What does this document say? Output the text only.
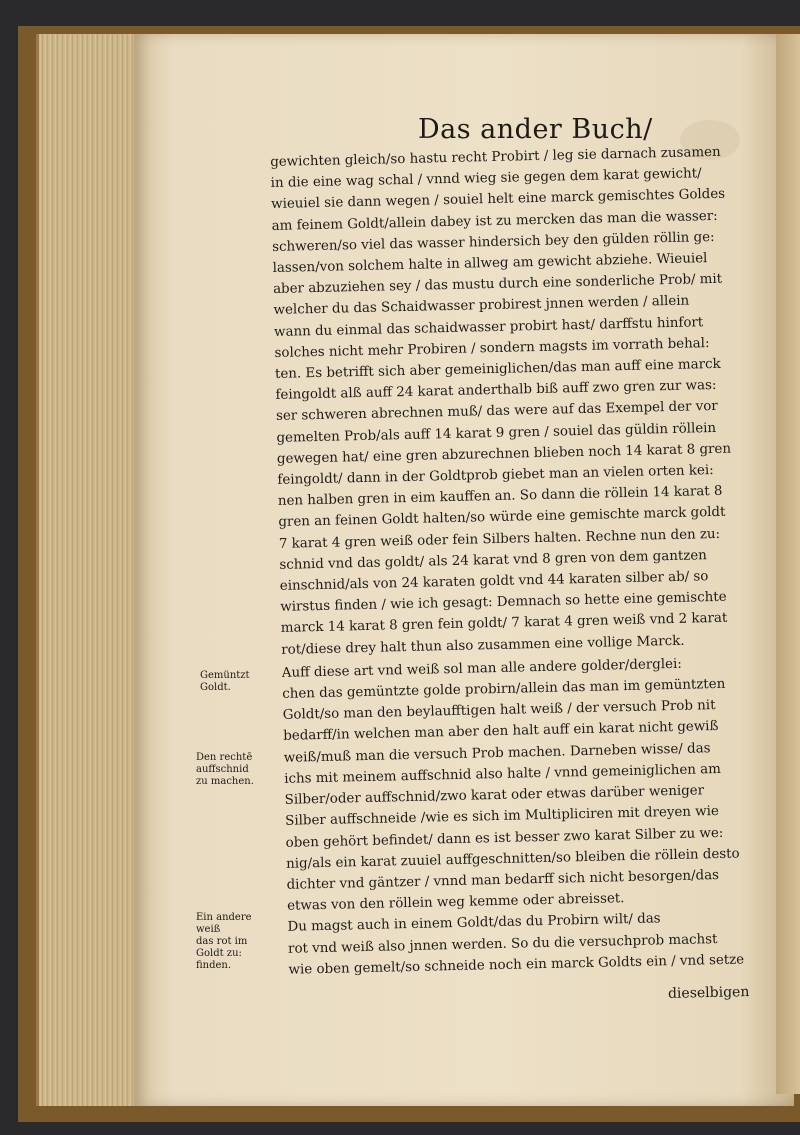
Das ander Buch/
gewichten gleich/so hastu recht Probirt / leg sie darnach zusamen
in die eine wag schal / vnnd wieg sie gegen dem karat gewicht/
wieuiel sie dann wegen / souiel helt eine marck gemischtes Goldes
am feinem Goldt/allein dabey ist zu mercken das man die wasser:
schweren/so viel das wasser hindersich bey den gülden röllin ge:
lassen/von solchem halte in allweg am gewicht abziehe. Wieuiel
aber abzuziehen sey / das mustu durch eine sonderliche Prob/ mit
welcher du das Schaidwasser probirest jnnen werden / allein
wann du einmal das schaidwasser probirt hast/ darffstu hinfort
solches nicht mehr Probiren / sondern magsts im vorrath behal:
ten. Es betrifft sich aber gemeiniglichen/das man auff eine marck
feingoldt alß auff 24 karat anderthalb biß auff zwo gren zur was:
ser schweren abrechnen muß/ das were auf das Exempel der vor
gemelten Prob/als auff 14 karat 9 gren / souiel das güldin röllein
gewegen hat/ eine gren abzurechnen blieben noch 14 karat 8 gren
feingoldt/ dann in der Goldtprob giebet man an vielen orten kei:
nen halben gren in eim kauffen an. So dann die röllein 14 karat 8
gren an feinen Goldt halten/so würde eine gemischte marck goldt
7 karat 4 gren weiß oder fein Silbers halten. Rechne nun den zu:
schnid vnd das goldt/ als 24 karat vnd 8 gren von dem gantzen
einschnid/als von 24 karaten goldt vnd 44 karaten silber ab/ so
wirstus finden / wie ich gesagt: Demnach so hette eine gemischte
marck 14 karat 8 gren fein goldt/ 7 karat 4 gren weiß vnd 2 karat
rot/diese drey halt thun also zusammen eine vollige Marck.
Auff diese art vnd weiß sol man alle andere golder/derglei:
chen das gemüntzte golde probirn/allein das man im gemüntzten
Goldt/so man den beylaufftigen halt weiß / der versuch Prob nit
bedarff/in welchen man aber den halt auff ein karat nicht gewiß
weiß/muß man die versuch Prob machen. Darneben wisse/ das
ichs mit meinem auffschnid also halte / vnnd gemeiniglichen am
Silber/oder auffschnid/zwo karat oder etwas darüber weniger
Silber auffschneide /wie es sich im Multipliciren mit dreyen wie
oben gehört befindet/ dann es ist besser zwo karat Silber zu we:
nig/als ein karat zuuiel auffgeschnitten/so bleiben die röllein desto
dichter vnd gäntzer / vnnd man bedarff sich nicht besorgen/das
etwas von den röllein weg kemme oder abreisset.
Du magst auch in einem Goldt/das du Probirn wilt/ das
rot vnd weiß also jnnen werden. So du die versuchprob machst
wie oben gemelt/so schneide noch ein marck Goldts ein / vnd setze
dieselbigen
Gemüntzt
Goldt.
Den rechtē
auffschnid
zu machen.
Ein andere
weiß
das rot im
Goldt zu:
finden.
